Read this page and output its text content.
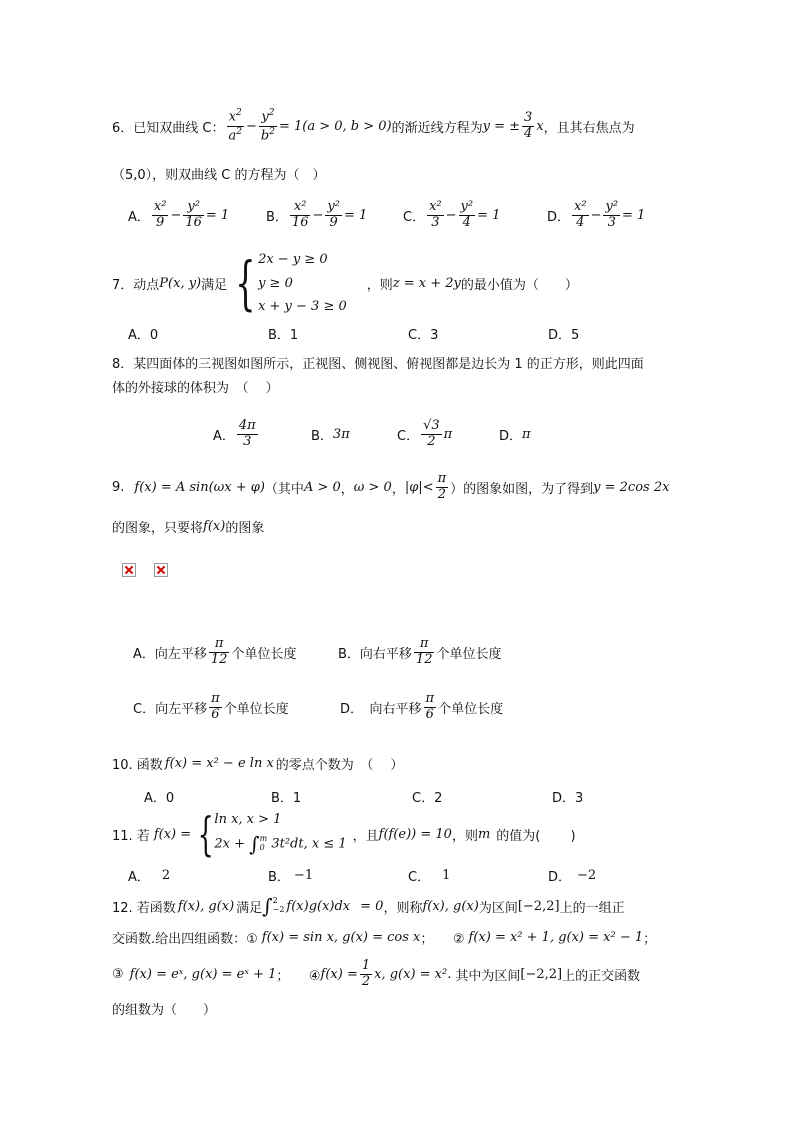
6． 已知双曲线 C： $\frac{x^2}{a^2} - \frac{y^2}{b^2} = 1(a > 0$, b > 0) 的渐近线方程为 y = ± $\frac{3}{4}$ x ，且其右焦点为
（5,0），则双曲线 C 的方程为（　）
A． $\frac{\text{x²}}{9} - \frac{\text{y²}}{16} = 1$	B． $\frac{\text{x²}}{16} - \frac{\text{y²}}{9} = 1$	C． $\frac{\text{x²}}{3} - \frac{\text{y²}}{4} = 1$	D． $\frac{\text{x²}}{4} - \frac{\text{y²}}{3} = 1$
7． 动点 P(x, y) 满足 { 2x − y ≥ 0
y ≥ 0
x + y − 3 ≥ 0
，则 z = x + 2y 的最小值为（　　）
A．0	B．1	C．3	D．5
8．某四面体的三视图如图所示，正视图、侧视图、俯视图都是边长为 1 的正方形，则此四面
体的外接球的体积为　（　 ）
A． $\frac{4\pi}{3}$	B． 3π	C． $\frac{√3}{2}$ π	D． π
9. f(x) = A sin(ωx + φ) （其中 A > 0 ， ω > 0 ， $|\varphi|< \frac{\pi}{2}$ ）的图象如图，为了得到 y = 2cos 2x
的图象，只要将 f(x) 的图象
A．向左平移 $\frac{\pi}{12}$ 个单位长度	B．向右平移 $\frac{\pi}{12}$ 个单位长度
C．向左平移 $\frac{\pi}{6}$ 个单位长度	D．　向右平移 $\frac{\pi}{6}$ 个单位长度
10. 函数 f(x) = x² − e ln x 的零点个数为　（　 ）
A．0	B．1	C．2	D．3
11. 若 f(x) = { ln x, x > 1
2x + ∫ m
0 3t²dt, x ≤ 1
，且 f(f(e)) = 10 ，则 m 的值为(　　 )
A． 2	B． −1	C． 1	D． −2
12. 若函数 f(x), g(x) 满足 ∫ 2
−2 f(x)g(x)dx = 0 ，则称 f(x), g(x) 为区间 [−2,2] 上的一组正
交函数.给出四组函数：① f(x) = sin x, g(x) = cos x ；　　② f(x) = x² + 1, g(x) = x² − 1 ；
③ f(x) = eˣ, g(x) = eˣ + 1 ；　　④ $f(x) = \frac{1}{2} x$, g(x) = x². 其中为区间 [−2,2] 上的正交函数
的组数为（　　）
